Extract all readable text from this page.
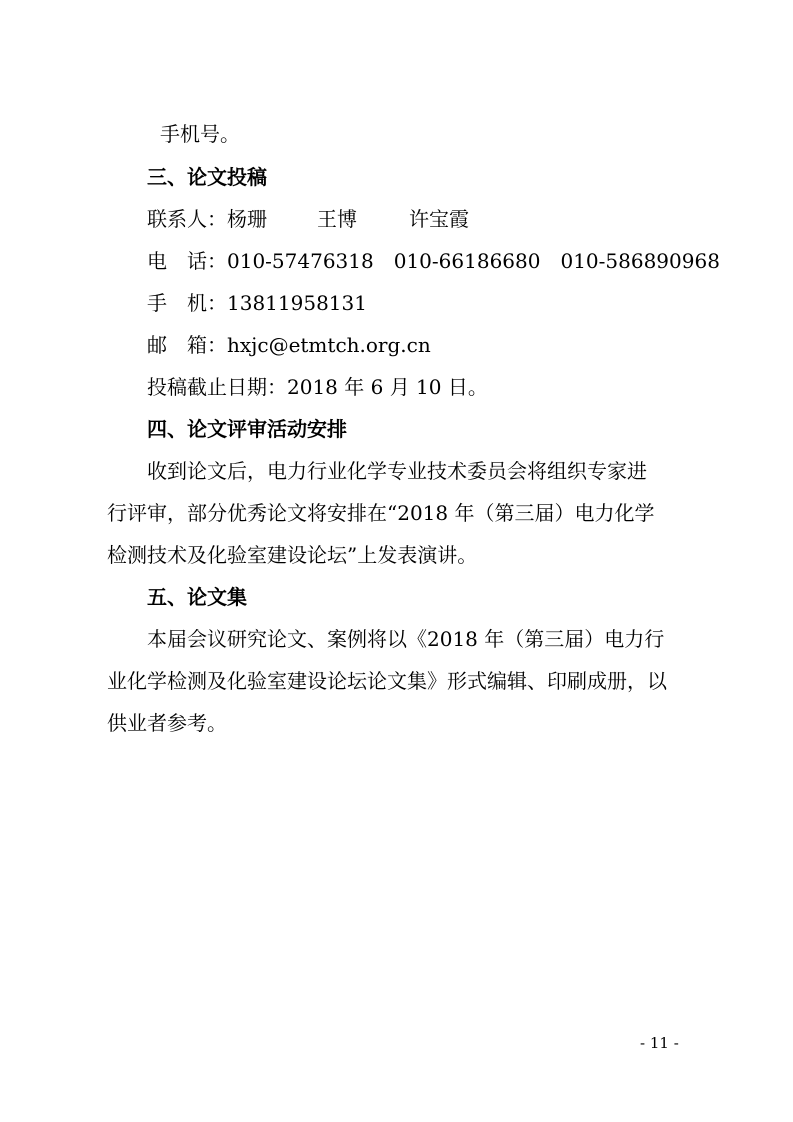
手机号。
三、论文投稿
联系人：杨珊	王博	许宝霞
电　话：010-57476318 010-66186680 010-586890968
手　机：13811958131
邮　箱：hxjc@etmtch.org.cn
投稿截止日期：2018 年 6 月 10 日。
四、论文评审活动安排
收到论文后，电力行业化学专业技术委员会将组织专家进
行评审，部分优秀论文将安排在“2018 年（第三届）电力化学
检测技术及化验室建设论坛”上发表演讲。
五、论文集
本届会议研究论文、案例将以《2018 年（第三届）电力行
业化学检测及化验室建设论坛论文集》形式编辑、印刷成册，以
供业者参考。
- 11 -
